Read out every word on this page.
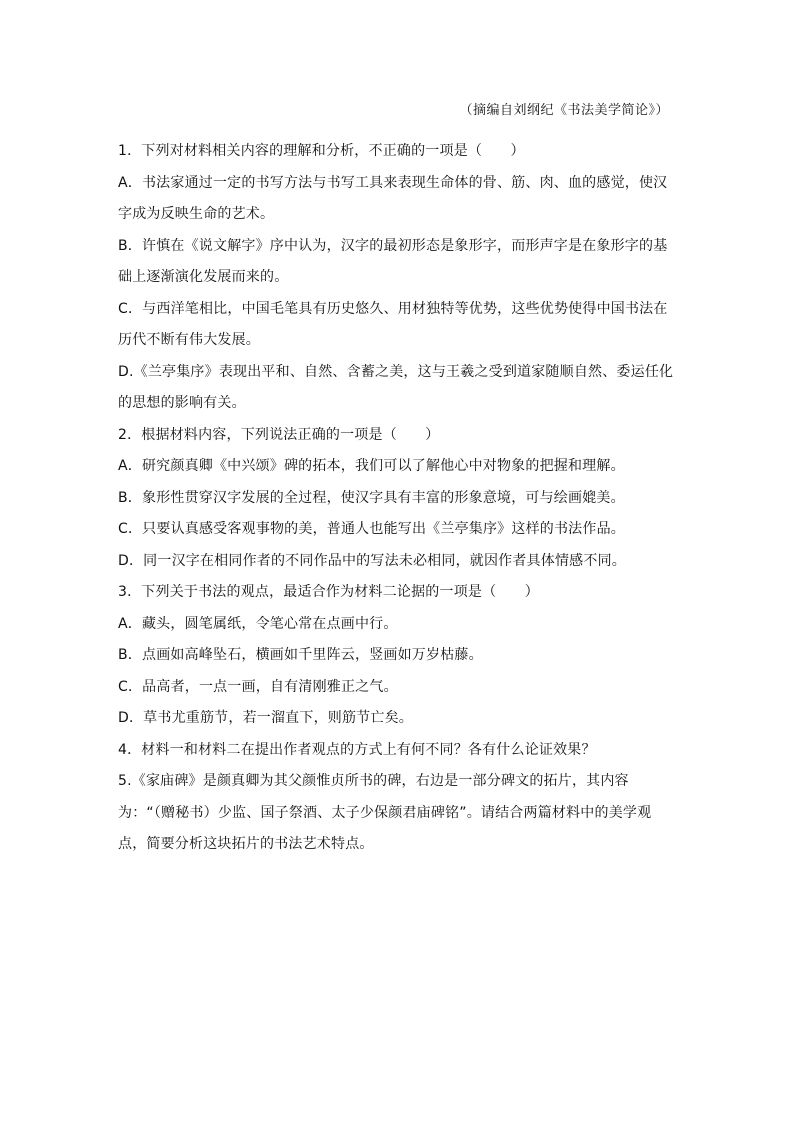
（摘编自刘纲纪《书法美学简论》）

1．下列对材料相关内容的理解和分析，不正确的一项是（　　）

A．书法家通过一定的书写方法与书写工具来表现生命体的骨、筋、肉、血的感觉，使汉字成为反映生命的艺术。

B．许慎在《说文解字》序中认为，汉字的最初形态是象形字，而形声字是在象形字的基础上逐渐演化发展而来的。

C．与西洋笔相比，中国毛笔具有历史悠久、用材独特等优势，这些优势使得中国书法在历代不断有伟大发展。

D.《兰亭集序》表现出平和、自然、含蓄之美，这与王羲之受到道家随顺自然、委运任化的思想的影响有关。

2．根据材料内容，下列说法正确的一项是（　　）

A．研究颜真卿《中兴颂》碑的拓本，我们可以了解他心中对物象的把握和理解。

B．象形性贯穿汉字发展的全过程，使汉字具有丰富的形象意境，可与绘画媲美。

C．只要认真感受客观事物的美，普通人也能写出《兰亭集序》这样的书法作品。

D．同一汉字在相同作者的不同作品中的写法未必相同，就因作者具体情感不同。

3．下列关于书法的观点，最适合作为材料二论据的一项是（　　）

A．藏头，圆笔属纸，令笔心常在点画中行。

B．点画如高峰坠石，横画如千里阵云，竖画如万岁枯藤。

C．品高者，一点一画，自有清刚雅正之气。

D．草书尤重筋节，若一溜直下，则筋节亡矣。

4．材料一和材料二在提出作者观点的方式上有何不同？各有什么论证效果？

5.《家庙碑》是颜真卿为其父颜惟贞所书的碑，右边是一部分碑文的拓片，其内容为：“（赠秘书）少监、国子祭酒、太子少保颜君庙碑铭”。请结合两篇材料中的美学观点，简要分析这块拓片的书法艺术特点。
